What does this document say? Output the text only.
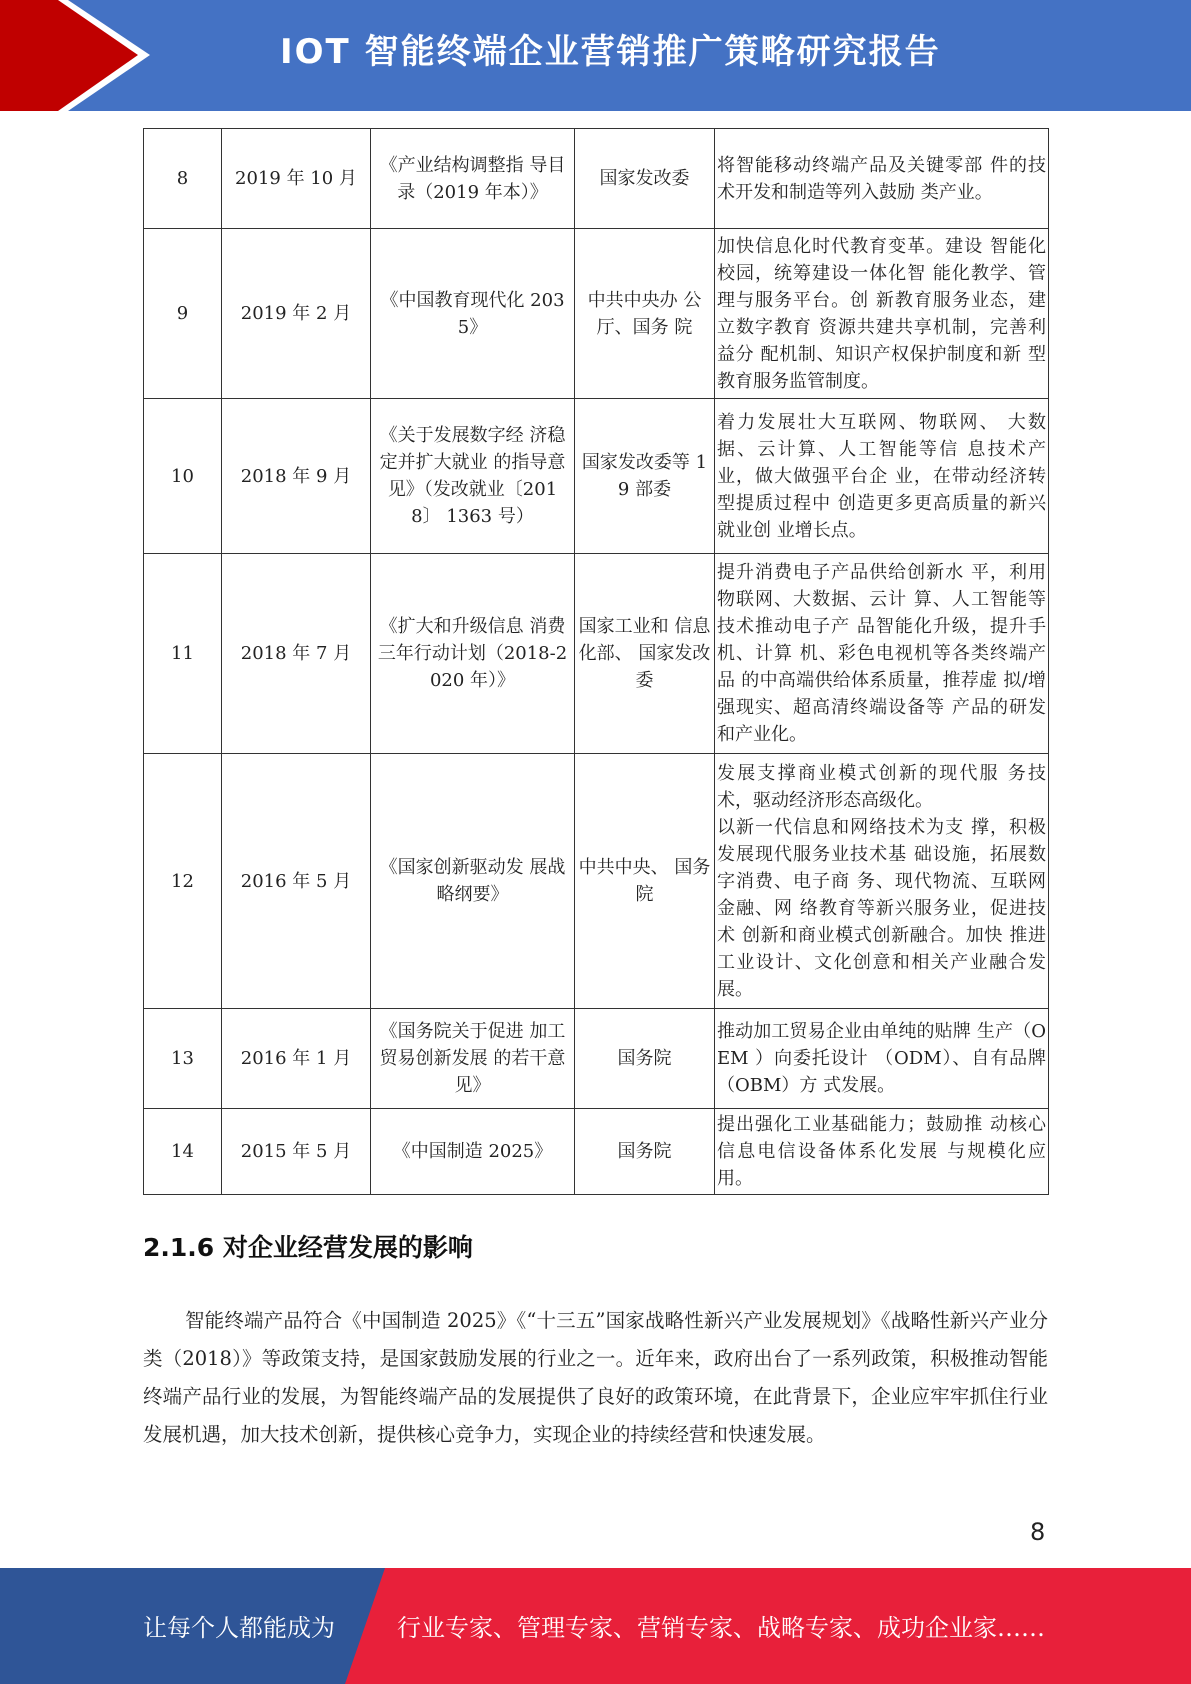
IOT 智能终端企业营销推广策略研究报告
8	2019 年 10 月	《产业结构调整指 导目录（2019 年本）》	国家发改委	将智能移动终端产品及关键零部 件的技术开发和制造等列入鼓励 类产业。

9	2019 年 2 月	《中国教育现代化 2035》	中共中央办 公厅、国务 院	加快信息化时代教育变革。建设 智能化校园，统筹建设一体化智 能化教学、管理与服务平台。创 新教育服务业态，建立数字教育 资源共建共享机制，完善利益分 配机制、知识产权保护制度和新 型教育服务监管制度。

10	2018 年 9 月	《关于发展数字经 济稳定并扩大就业 的指导意见》（发改就业〔2018〕 1363 号）	国家发改委等 19 部委	着力发展壮大互联网、物联网、 大数据、云计算、人工智能等信 息技术产业，做大做强平台企 业，在带动经济转型提质过程中 创造更多更高质量的新兴就业创 业增长点。

11	2018 年 7 月	《扩大和升级信息 消费三年行动计划（2018-2020 年）》	国家工业和 信息化部、 国家发改委	提升消费电子产品供给创新水 平，利用物联网、大数据、云计 算、人工智能等技术推动电子产 品智能化升级，提升手机、计算 机、彩色电视机等各类终端产品 的中高端供给体系质量，推荐虚 拟/增强现实、超高清终端设备等 产品的研发和产业化。

12	2016 年 5 月	《国家创新驱动发 展战略纲要》	中共中央、 国务院	发展支撑商业模式创新的现代服 务技术，驱动经济形态高级化。
以新一代信息和网络技术为支 撑，积极发展现代服务业技术基 础设施，拓展数字消费、电子商 务、现代物流、互联网金融、网 络教育等新兴服务业，促进技术 创新和商业模式创新融合。加快 推进工业设计、文化创意和相关产业融合发展。

13	2016 年 1 月	《国务院关于促进 加工贸易创新发展 的若干意见》	国务院	推动加工贸易企业由单纯的贴牌 生产（OEM ）向委托设计 （ODM）、自有品牌（OBM）方 式发展。

14	2015 年 5 月	《中国制造 2025》	国务院	提出强化工业基础能力；鼓励推 动核心信息电信设备体系化发展 与规模化应用。
2.1.6 对企业经营发展的影响

智能终端产品符合《中国制造 2025》《“十三五”国家战略性新兴产业发展规划》《战略性新兴产业分类（2018）》等政策支持，是国家鼓励发展的行业之一。近年来，政府出台了一系列政策，积极推动智能终端产品行业的发展，为智能终端产品的发展提供了良好的政策环境，在此背景下，企业应牢牢抓住行业发展机遇，加大技术创新，提供核心竞争力，实现企业的持续经营和快速发展。

8
让每个人都能成为	行业专家、管理专家、营销专家、战略专家、成功企业家……
